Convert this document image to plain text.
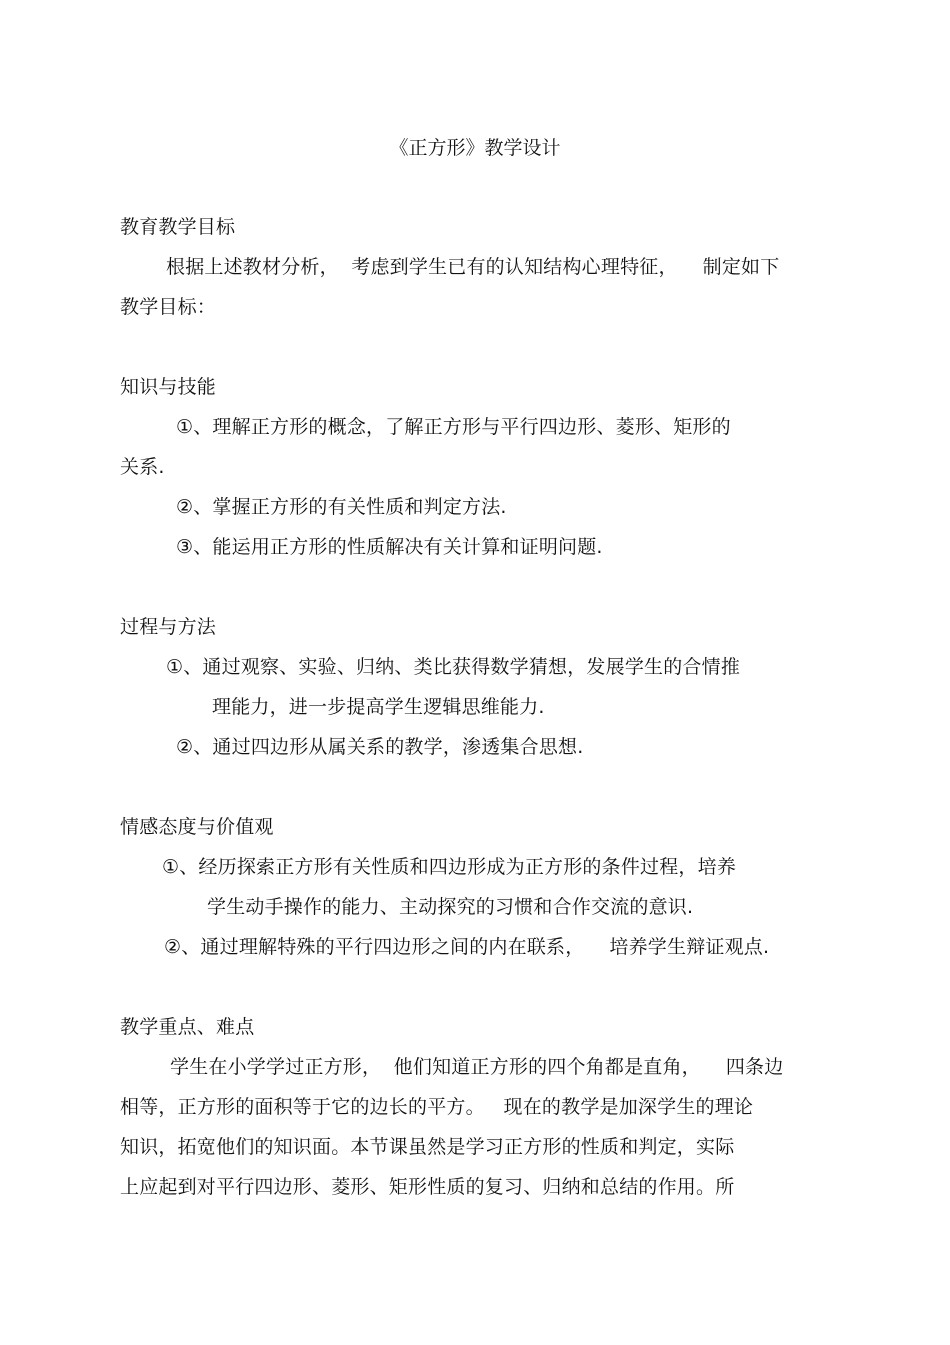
《正方形》教学设计
教育教学目标
根据上述教材分析，  考虑到学生已有的认知结构心理特征，    制定如下
教学目标：
知识与技能
①、理解正方形的概念，了解正方形与平行四边形、菱形、矩形的
关系.
②、掌握正方形的有关性质和判定方法.
③、能运用正方形的性质解决有关计算和证明问题.
过程与方法
①、通过观察、实验、归纳、类比获得数学猜想，发展学生的合情推
理能力，进一步提高学生逻辑思维能力.
②、通过四边形从属关系的教学，渗透集合思想.
情感态度与价值观
①、经历探索正方形有关性质和四边形成为正方形的条件过程，培养
学生动手操作的能力、主动探究的习惯和合作交流的意识.
②、通过理解特殊的平行四边形之间的内在联系，    培养学生辩证观点.
教学重点、难点
学生在小学学过正方形，  他们知道正方形的四个角都是直角，    四条边
相等，正方形的面积等于它的边长的平方。   现在的教学是加深学生的理论
知识，拓宽他们的知识面。本节课虽然是学习正方形的性质和判定，实际
上应起到对平行四边形、菱形、矩形性质的复习、归纳和总结的作用。所
